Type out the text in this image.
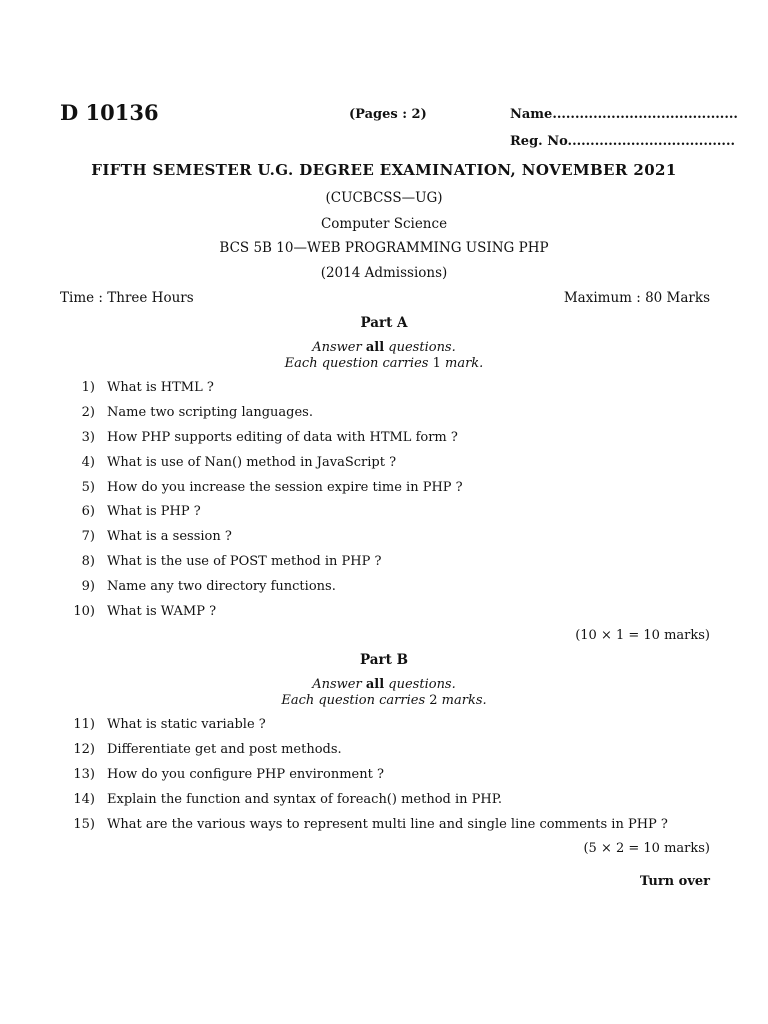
D 10136	(Pages : 2)	Name.........................................
Reg. No.....................................
FIFTH SEMESTER U.G. DEGREE EXAMINATION, NOVEMBER 2021
(CUCBCSS—UG)
Computer Science
BCS 5B 10—WEB PROGRAMMING USING PHP
(2014 Admissions)
Time : Three Hours	Maximum : 80 Marks
Part A
Answer all questions.
Each question carries 1 mark.
1) What is HTML ?
2) Name two scripting languages.
3) How PHP supports editing of data with HTML form ?
4) What is use of Nan() method in JavaScript ?
5) How do you increase the session expire time in PHP ?
6) What is PHP ?
7) What is a session ?
8) What is the use of POST method in PHP ?
9) Name any two directory functions.
10) What is WAMP ?
(10 × 1 = 10 marks)
Part B
Answer all questions.
Each question carries 2 marks.
11) What is static variable ?
12) Differentiate get and post methods.
13) How do you configure PHP environment ?
14) Explain the function and syntax of foreach() method in PHP.
15) What are the various ways to represent multi line and single line comments in PHP ?
(5 × 2 = 10 marks)
Turn over
